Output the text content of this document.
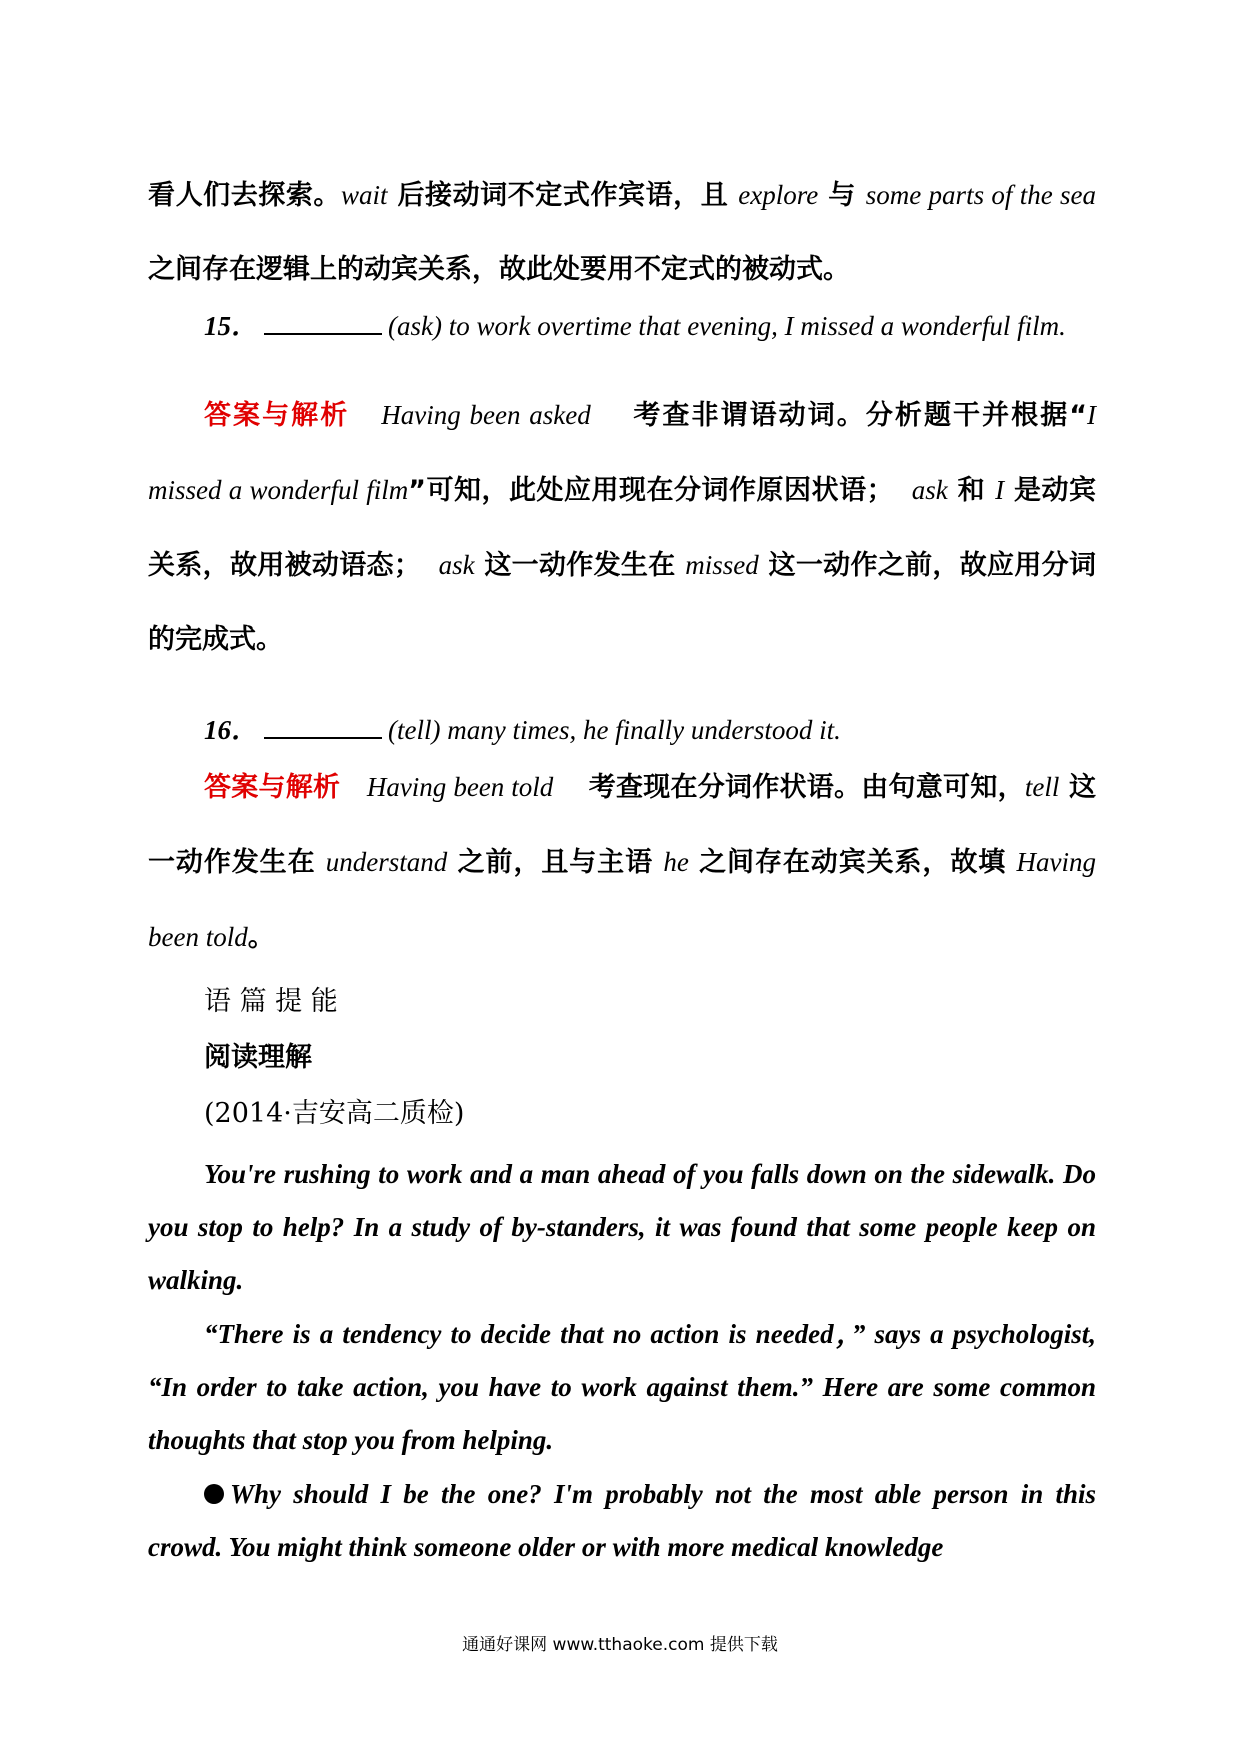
看人们去探索。wait 后接动词不定式作宾语，且 explore 与 some parts of the sea 之间存在逻辑上的动宾关系，故此处要用不定式的被动式。
15．	(ask) to work overtime that evening, I missed a wonderful film.
答案与解析 Having been asked 考查非谓语动词。分析题干并根据“I missed a wonderful film”可知，此处应用现在分词作原因状语； ask 和 I 是动宾关系，故用被动语态； ask 这一动作发生在 missed 这一动作之前，故应用分词的完成式。
16．	(tell) many times, he finally understood it.
答案与解析 Having been told 考查现在分词作状语。由句意可知，tell 这一动作发生在 understand 之前，且与主语 he 之间存在动宾关系，故填 Having been told。
语 篇 提 能
阅读理解
(2014·吉安高二质检)
You're rushing to work and a man ahead of you falls down on the sidewalk. Do you stop to help? In a study of by-standers, it was found that some people keep on walking.
“There is a tendency to decide that no action is needed，” says a psychologist, “In order to take action, you have to work against them.” Here are some common thoughts that stop you from helping.
Why should I be the one? I'm probably not the most able person in this crowd. You might think someone older or with more medical knowledge
通通好课网 www.tthaoke.com 提供下载
